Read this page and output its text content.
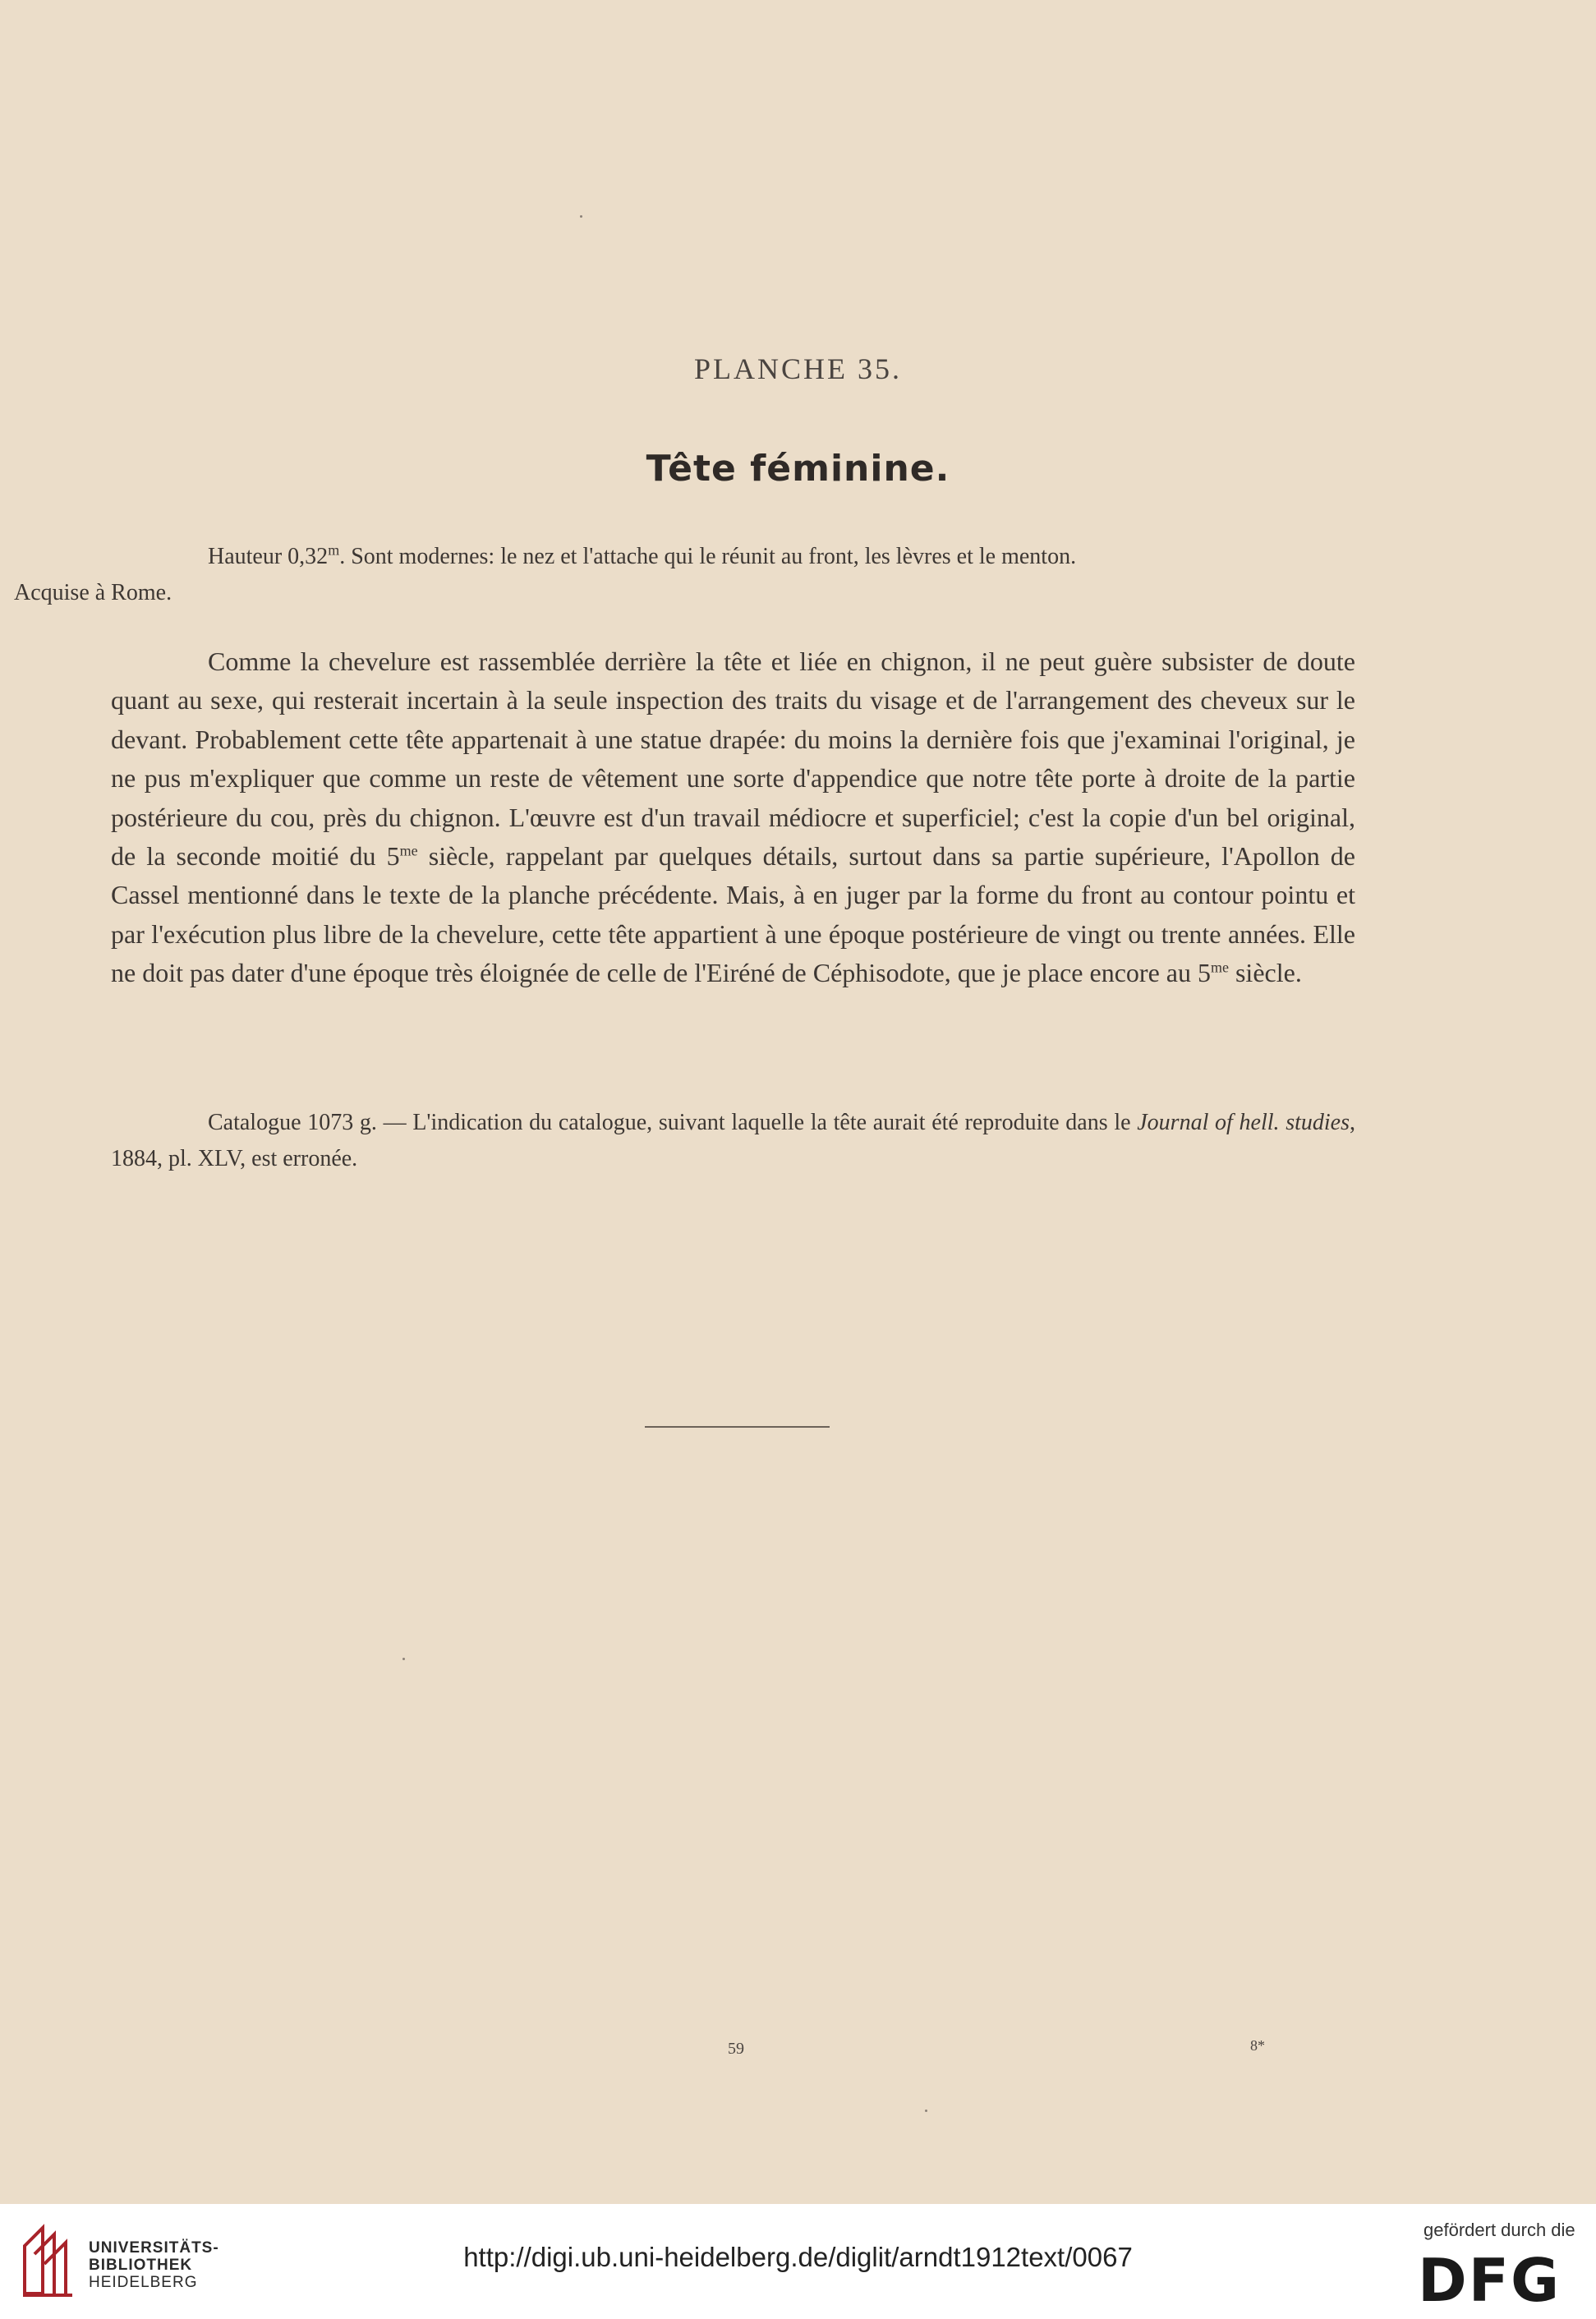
PLANCHE 35.
Tête féminine.
Hauteur 0,32$^m$. Sont modernes: le nez et l'attache qui le réunit au front, les lèvres et le menton.
Acquise à Rome.
Comme la chevelure est rassemblée derrière la tête et liée en chignon, il ne peut guère subsister de doute quant au sexe, qui resterait incertain à la seule inspection des traits du visage et de l'arrangement des cheveux sur le devant. Probablement cette tête appartenait à une statue drapée: du moins la dernière fois que j'examinai l'original, je ne pus m'expliquer que comme un reste de vêtement une sorte d'appendice que notre tête porte à droite de la partie postérieure du cou, près du chignon. L'œuvre est d'un travail médiocre et superficiel; c'est la copie d'un bel original, de la seconde moitié du $5^{me}$ siècle, rappelant par quelques détails, surtout dans sa partie supérieure, l'Apollon de Cassel mentionné dans le texte de la planche précédente. Mais, à en juger par la forme du front au contour pointu et par l'exécution plus libre de la chevelure, cette tête appartient à une époque postérieure de vingt ou trente années. Elle ne doit pas dater d'une époque très éloignée de celle de l'Eiréné de Céphisodote, que je place encore au $5^{me}$ siècle.
Catalogue 1073 g. — L'indication du catalogue, suivant laquelle la tête aurait été reproduite dans le Journal of hell. studies, 1884, pl. XLV, est erronée.
59	8*
UNIVERSITÄTS-
BIBLIOTHEK
HEIDELBERG
http://digi.ub.uni-heidelberg.de/diglit/arndt1912text/0067
gefördert durch die
DFG
